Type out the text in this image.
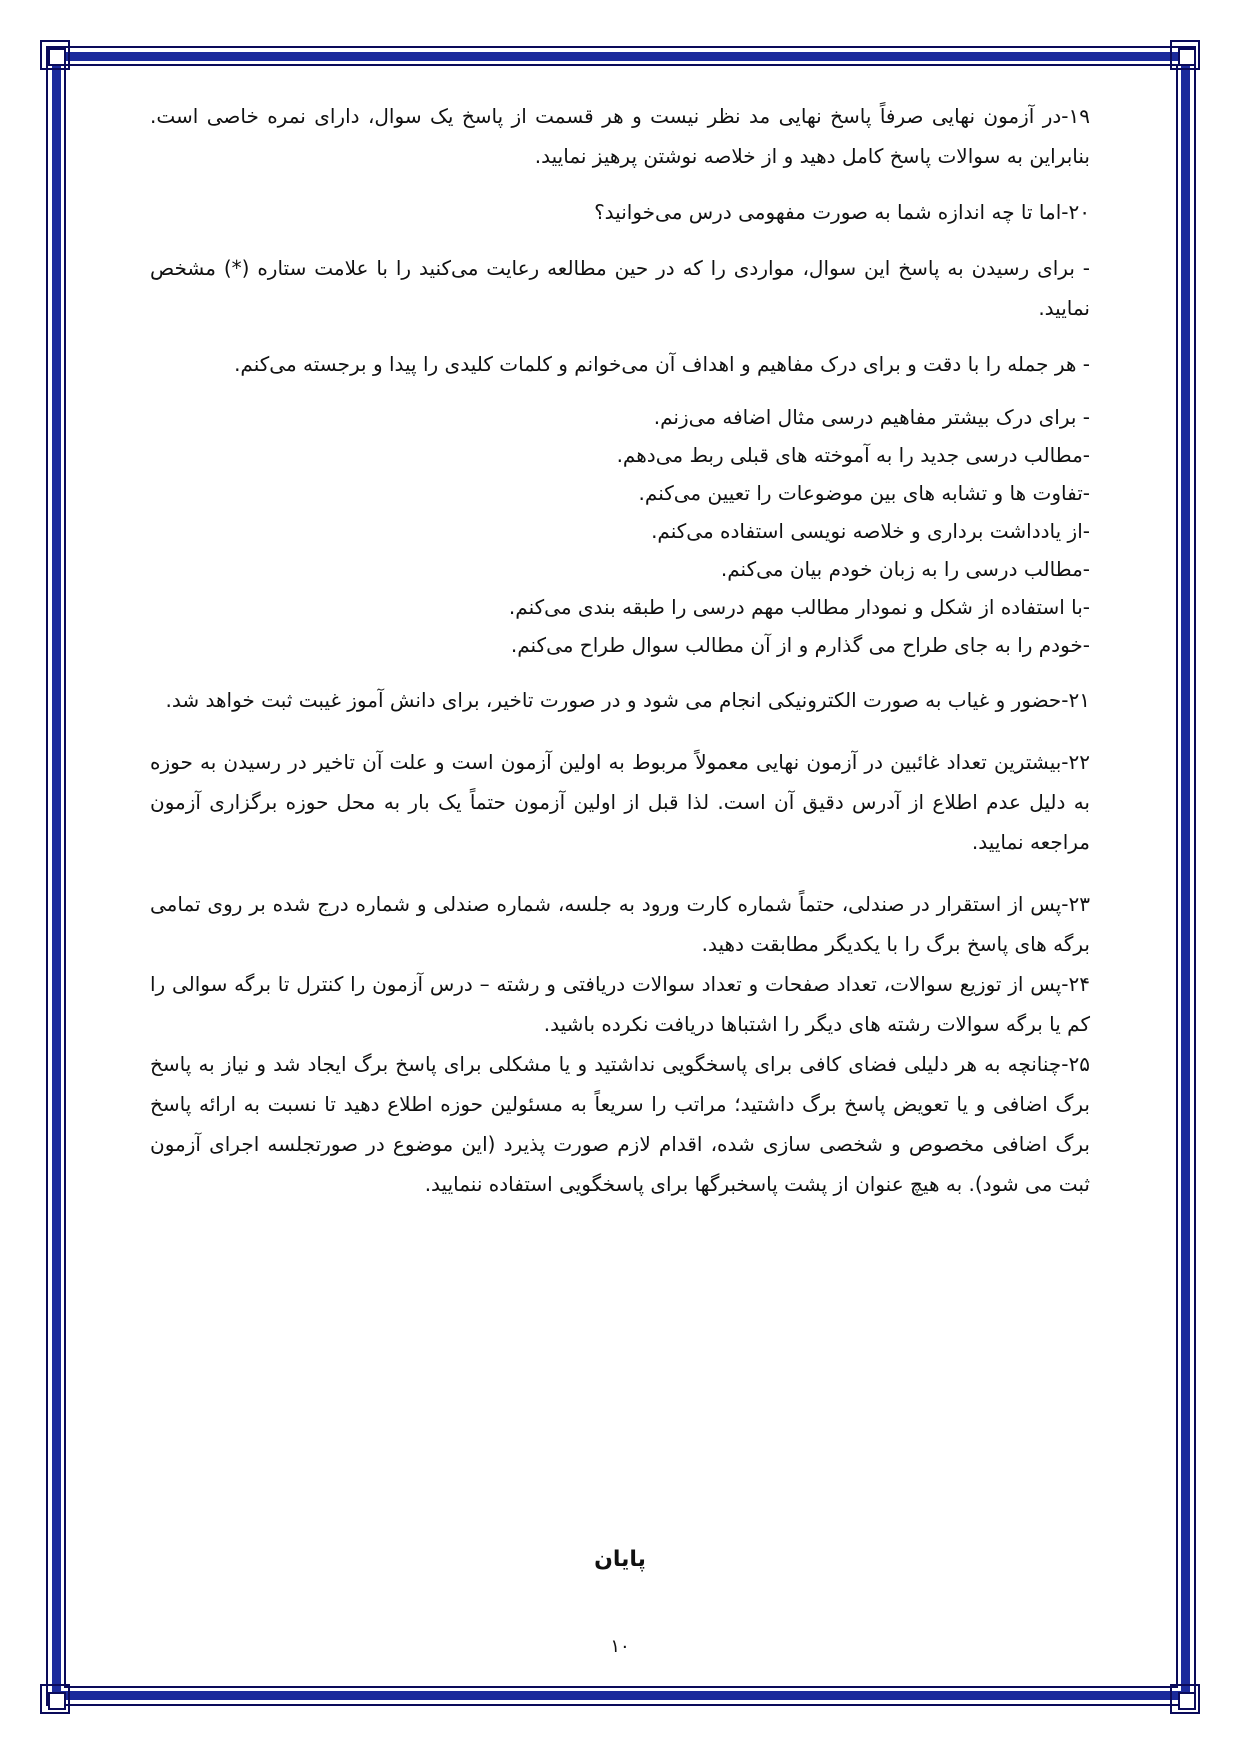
۱۹-در آزمون نهایی صرفاً پاسخ نهایی مد نظر نیست و هر قسمت از پاسخ یک سوال، دارای نمره خاصی است. بنابراین به سوالات پاسخ کامل دهید و از خلاصه نوشتن پرهیز نمایید.

۲۰-اما تا چه اندازه شما به صورت مفهومی درس می‌خوانید؟

- برای رسیدن به پاسخ این سوال، مواردی را که در حین مطالعه رعایت می‌کنید را با علامت ستاره (*) مشخص نمایید.

- هر جمله را با دقت و برای درک مفاهیم و اهداف آن می‌خوانم و کلمات کلیدی را پیدا و برجسته می‌کنم.

- برای درک بیشتر مفاهیم درسی مثال اضافه می‌زنم.

-مطالب درسی جدید را به آموخته های قبلی ربط می‌دهم.

-تفاوت ها و تشابه های بین موضوعات را تعیین می‌کنم.

-از یادداشت برداری و خلاصه نویسی استفاده می‌کنم.

-مطالب درسی را به زبان خودم بیان می‌کنم.

-با استفاده از شکل و نمودار مطالب مهم درسی را طبقه بندی می‌کنم.

-خودم را به جای طراح می گذارم و از آن مطالب سوال طراح می‌کنم.

۲۱-حضور و غیاب به صورت الکترونیکی انجام می شود و در صورت تاخیر، برای دانش آموز غیبت ثبت خواهد شد.

۲۲-بیشترین تعداد غائبین در آزمون نهایی معمولاً مربوط به اولین آزمون است و علت آن تاخیر در رسیدن به حوزه به دلیل عدم اطلاع از آدرس دقیق آن است. لذا قبل از اولین آزمون حتماً یک بار به محل حوزه برگزاری آزمون مراجعه نمایید.

۲۳-پس از استقرار در صندلی، حتماً شماره کارت ورود به جلسه، شماره صندلی و شماره درج شده بر روی تمامی برگه های پاسخ برگ را با یکدیگر مطابقت دهید.

۲۴-پس از توزیع سوالات، تعداد صفحات و تعداد سوالات دریافتی و رشته – درس آزمون را کنترل تا برگه سوالی را کم یا برگه سوالات رشته های دیگر را اشتباها دریافت نکرده باشید.

۲۵-چنانچه به هر دلیلی فضای کافی برای پاسخگویی نداشتید و یا مشکلی برای پاسخ برگ ایجاد شد و نیاز به پاسخ برگ اضافی و یا تعویض پاسخ برگ داشتید؛ مراتب را سریعاً به مسئولین حوزه اطلاع دهید تا نسبت به ارائه پاسخ برگ اضافی مخصوص و شخصی سازی شده، اقدام لازم صورت پذیرد (این موضوع در صورتجلسه اجرای آزمون ثبت می شود). به هیچ عنوان از پشت پاسخبرگها برای پاسخگویی استفاده ننمایید.

پایان
۱۰
